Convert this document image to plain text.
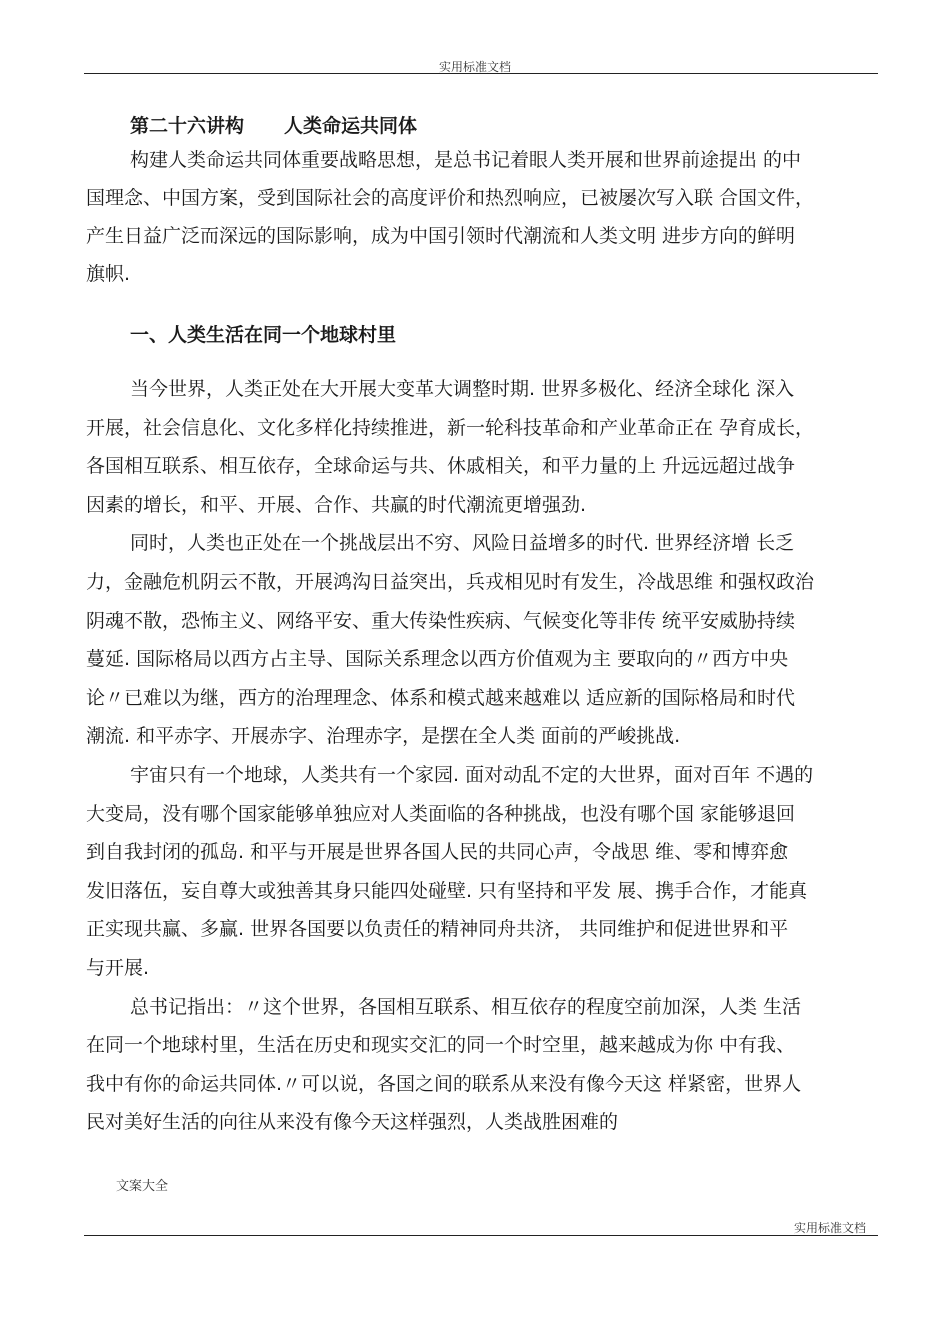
实用标准文档
第二十六讲构 人类命运共同体
构建人类命运共同体重要战略思想，是总书记着眼人类开展和世界前途提出 的中
国理念、中国方案，受到国际社会的高度评价和热烈响应，已被屡次写入联 合国文件，
产生日益广泛而深远的国际影响，成为中国引领时代潮流和人类文明 进步方向的鲜明
旗帜.
一、人类生活在同一个地球村里
当今世界，人类正处在大开展大变革大调整时期. 世界多极化、经济全球化 深入
开展，社会信息化、文化多样化持续推进，新一轮科技革命和产业革命正在 孕育成长，
各国相互联系、相互依存，全球命运与共、休戚相关，和平力量的上 升远远超过战争
因素的增长，和平、开展、合作、共赢的时代潮流更增强劲.
同时，人类也正处在一个挑战层出不穷、风险日益增多的时代. 世界经济增 长乏
力，金融危机阴云不散，开展鸿沟日益突出，兵戎相见时有发生，冷战思维 和强权政治
阴魂不散，恐怖主义、网络平安、重大传染性疾病、气候变化等非传 统平安威胁持续
蔓延. 国际格局以西方占主导、国际关系理念以西方价值观为主 要取向的〃西方中央
论〃已难以为继，西方的治理理念、体系和模式越来越难以 适应新的国际格局和时代
潮流. 和平赤字、开展赤字、治理赤字，是摆在全人类 面前的严峻挑战.
宇宙只有一个地球，人类共有一个家园. 面对动乱不定的大世界，面对百年 不遇的
大变局，没有哪个国家能够单独应对人类面临的各种挑战，也没有哪个国 家能够退回
到自我封闭的孤岛. 和平与开展是世界各国人民的共同心声，令战思 维、零和博弈愈
发旧落伍，妄自尊大或独善其身只能四处碰壁. 只有坚持和平发 展、携手合作，才能真
正实现共赢、多赢. 世界各国要以负责任的精神同舟共济， 共同维护和促进世界和平
与开展.
总书记指出：〃这个世界，各国相互联系、相互依存的程度空前加深，人类 生活
在同一个地球村里，生活在历史和现实交汇的同一个时空里，越来越成为你 中有我、
我中有你的命运共同体.〃可以说，各国之间的联系从来没有像今天这 样紧密，世界人
民对美好生活的向往从来没有像今天这样强烈，人类战胜困难的
文案大全
实用标准文档
